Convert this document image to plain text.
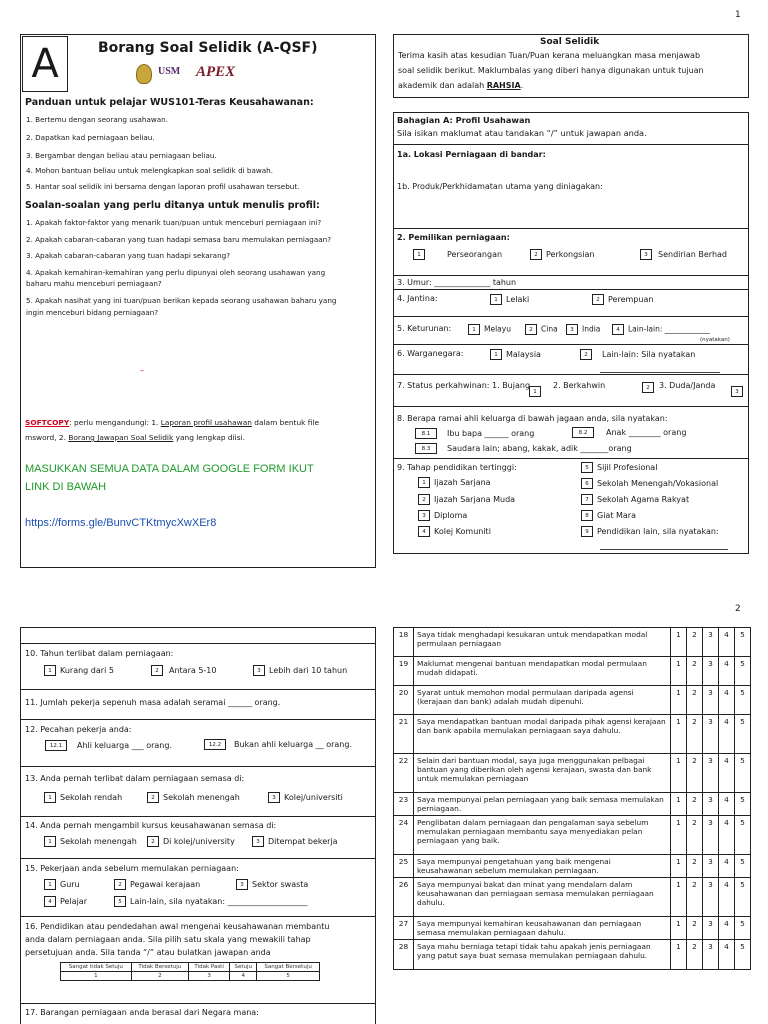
1
A	Borang Soal Selidik (A-QSF)
USM APEX
Panduan untuk pelajar WUS101-Teras Keusahawanan:
1. Bertemu dengan seorang usahawan.
2. Dapatkan kad perniagaan beliau.
3. Bergambar dengan beliau atau perniagaan beliau.
4. Mohon bantuan beliau untuk melengkapkan soal selidik di bawah.
5. Hantar soal selidik ini bersama dengan laporan profil usahawan tersebut.
Soalan-soalan yang perlu ditanya untuk menulis profil:
1. Apakah faktor-faktor yang menarik tuan/puan untuk menceburi perniagaan ini?
2. Apakah cabaran-cabaran yang tuan hadapi semasa baru memulakan perniagaan?
3. Apakah cabaran-cabaran yang tuan hadapi sekarang?
4. Apakah kemahiran-kemahiran yang perlu dipunyai oleh seorang usahawan yang
baharu mahu menceburi perniagaan?
5. Apakah nasihat yang ini tuan/puan berikan kepada seorang usahawan baharu yang
ingin menceburi bidang perniagaan?
–
SOFTCOPY: perlu mengandungi: 1. Laporan profil usahawan dalam bentuk file
msword, 2. Borang Jawapan Soal Selidik yang lengkap diisi.
MASUKKAN SEMUA DATA DALAM GOOGLE FORM IKUT
LINK DI BAWAH
https://forms.gle/BunvCTKtmycXwXEr8
Soal Selidik
Terima kasih atas kesudian Tuan/Puan kerana meluangkan masa menjawab
soal selidik berikut. Maklumbalas yang diberi hanya digunakan untuk tujuan
akademik dan adalah RAHSIA.
Bahagian A: Profil Usahawan
Sila isikan maklumat atau tandakan “/” untuk jawapan anda.
1a. Lokasi Perniagaan di bandar:
1b. Produk/Perkhidamatan utama yang diniagakan:
2. Pemilikan perniagaan:
1	Perseorangan	2 Perkongsian	3 Sendirian Berhad
3. Umur: ______________ tahun
4. Jantina:	1 Lelaki	2 Perempuan
5. Keturunan:	1 Melayu	2 Cina	3 India	4 Lain-lain: ____________
(nyatakan)
6. Warganegara:	1 Malaysia	2 Lain-lain: Sila nyatakan
7. Status perkahwinan: 1. Bujang
1
2. Berkahwin	2	3. Duda/Janda
3
8. Berapa ramai ahli keluarga di bawah jagaan anda, sila nyatakan:
8.1 Ibu bapa ______ orang	8.2 Anak ________ orang
8.3 Saudara lain; abang, kakak, adik _______orang
9. Tahap pendidikan tertinggi:
1 Ijazah Sarjana
2 Ijazah Sarjana Muda
3 Diploma
4 Kolej Komuniti
5 Sijil Profesional
6 Sekolah Menengah/Vokasional
7 Sekolah Agama Rakyat
8 Giat Mara
9 Pendidikan lain, sila nyatakan:
2
10. Tahun terlibat dalam perniagaan:
1 Kurang dari 5	2 Antara 5-10	3 Lebih dari 10 tahun
11. Jumlah pekerja sepenuh masa adalah seramai ______ orang.
12. Pecahan pekerja anda:
12.1 Ahli keluarga ___ orang.	12.2 Bukan ahli keluarga __ orang.
13. Anda pernah terlibat dalam perniagaan semasa di:
1 Sekolah rendah	2 Sekolah menengah	3 Kolej/universiti
14. Anda pernah mengambil kursus keusahawanan semasa di:
1 Sekolah menengah	2 Di kolej/university	3 Ditempat bekerja
15. Pekerjaan anda sebelum memulakan perniagaan:
1 Guru	2 Pegawai kerajaan	3 Sektor swasta
4 Pelajar	5 Lain-lain, sila nyatakan: ____________________
16. Pendidikan atau pendedahan awal mengenai keusahawanan membantu
anda dalam perniagaan anda. Sila pilih satu skala yang mewakili tahap
persetujuan anda. Sila tanda “/” atau bulatkan jawapan anda
Sangat tidak Setuju	Tidak Bersetuju	Tidak Pasti	Setuju	Sangat Bersetuju
1	2	3	4	5
17. Barangan perniagaan anda berasal dari Negara mana:
18	Saya tidak menghadapi kesukaran untuk mendapatkan modal permulaan perniagaan	1	2	3	4	5
19	Maklumat mengenai bantuan mendapatkan modal permulaan mudah didapati.	1	2	3	4	5
20	Syarat untuk memohon modal permulaan daripada agensi (kerajaan dan bank) adalah mudah dipenuhi.	1	2	3	4	5
21	Saya mendapatkan bantuan modal daripada pihak agensi kerajaan dan bank apabila memulakan perniagaan saya dahulu.	1	2	3	4	5
22	Selain dari bantuan modal, saya juga menggunakan pelbagai bantuan yang diberikan oleh agensi kerajaan, swasta dan bank untuk memulakan perniagaan	1	2	3	4	5
23	Saya mempunyai pelan perniagaan yang baik semasa memulakan perniagaan.	1	2	3	4	5
24	Penglibatan dalam perniagaan dan pengalaman saya sebelum memulakan perniagaan membantu saya menyediakan pelan perniagaan yang baik.	1	2	3	4	5
25	Saya mempunyai pengetahuan yang baik mengenai keusahawanan sebelum memulakan perniagaan.	1	2	3	4	5
26	Saya mempunyai bakat dan minat yang mendalam dalam keusahawanan dan perniagaan semasa memulakan perniagaan dahulu.	1	2	3	4	5
27	Saya mempunyai kemahiran keusahawanan dan perniagaan semasa memulakan perniagaan dahulu.	1	2	3	4	5
28	Saya mahu berniaga tetapi tidak tahu apakah jenis perniagaan yang patut saya buat semasa memulakan perniagaan dahulu.	1	2	3	4	5
